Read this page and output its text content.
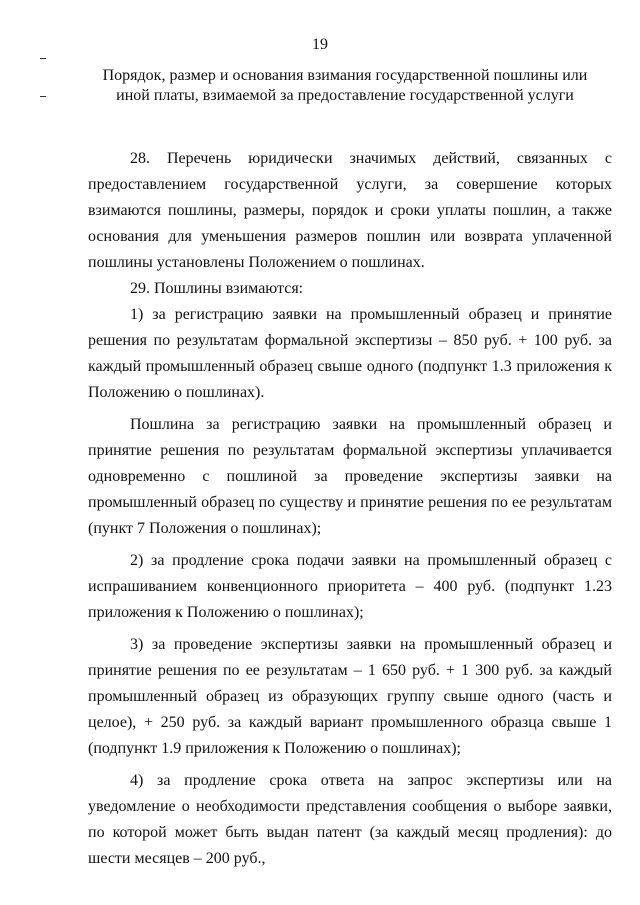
19
Порядок, размер и основания взимания государственной пошлины или иной платы, взимаемой за предоставление государственной услуги

28. Перечень юридически значимых действий, связанных с предоставлением государственной услуги, за совершение которых взимаются пошлины, размеры, порядок и сроки уплаты пошлин, а также основания для уменьшения размеров пошлин или возврата уплаченной пошлины установлены Положением о пошлинах.

29. Пошлины взимаются:

1) за регистрацию заявки на промышленный образец и принятие решения по результатам формальной экспертизы – 850 руб. + 100 руб. за каждый промышленный образец свыше одного (подпункт 1.3 приложения к Положению о пошлинах).

Пошлина за регистрацию заявки на промышленный образец и принятие решения по результатам формальной экспертизы уплачивается одновременно с пошлиной за проведение экспертизы заявки на промышленный образец по существу и принятие решения по ее результатам (пункт 7 Положения о пошлинах);

2) за продление срока подачи заявки на промышленный образец с испрашиванием конвенционного приоритета – 400 руб. (подпункт 1.23 приложения к Положению о пошлинах);

3) за проведение экспертизы заявки на промышленный образец и принятие решения по ее результатам – 1 650 руб. + 1 300 руб. за каждый промышленный образец из образующих группу свыше одного (часть и целое), + 250 руб. за каждый вариант промышленного образца свыше 1 (подпункт 1.9 приложения к Положению о пошлинах);

4) за продление срока ответа на запрос экспертизы или на уведомление о необходимости представления сообщения о выборе заявки, по которой может быть выдан патент (за каждый месяц продления): до шести месяцев – 200 руб.,
